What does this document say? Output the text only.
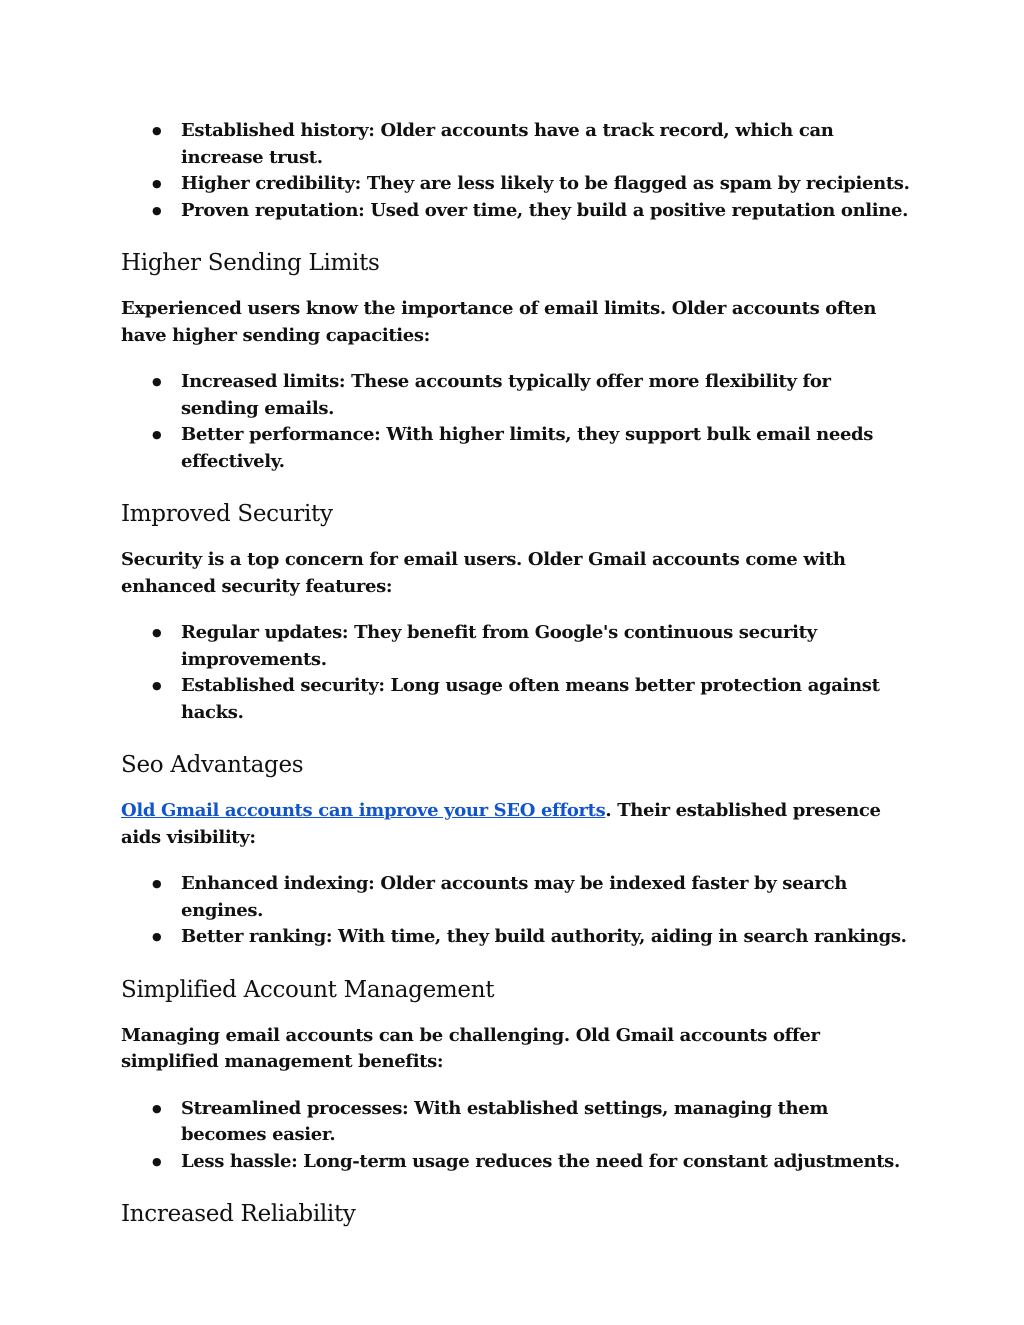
● Established history: Older accounts have a track record, which can increase trust.
● Higher credibility: They are less likely to be flagged as spam by recipients.
● Proven reputation: Used over time, they build a positive reputation online.
Higher Sending Limits

Experienced users know the importance of email limits. Older accounts often have higher sending capacities:

● Increased limits: These accounts typically offer more flexibility for sending emails.
● Better performance: With higher limits, they support bulk email needs effectively.
Improved Security

Security is a top concern for email users. Older Gmail accounts come with enhanced security features:

● Regular updates: They benefit from Google's continuous security improvements.
● Established security: Long usage often means better protection against hacks.
Seo Advantages

Old Gmail accounts can improve your SEO efforts. Their established presence aids visibility:

● Enhanced indexing: Older accounts may be indexed faster by search engines.
● Better ranking: With time, they build authority, aiding in search rankings.
Simplified Account Management

Managing email accounts can be challenging. Old Gmail accounts offer simplified management benefits:

● Streamlined processes: With established settings, managing them becomes easier.
● Less hassle: Long-term usage reduces the need for constant adjustments.
Increased Reliability
